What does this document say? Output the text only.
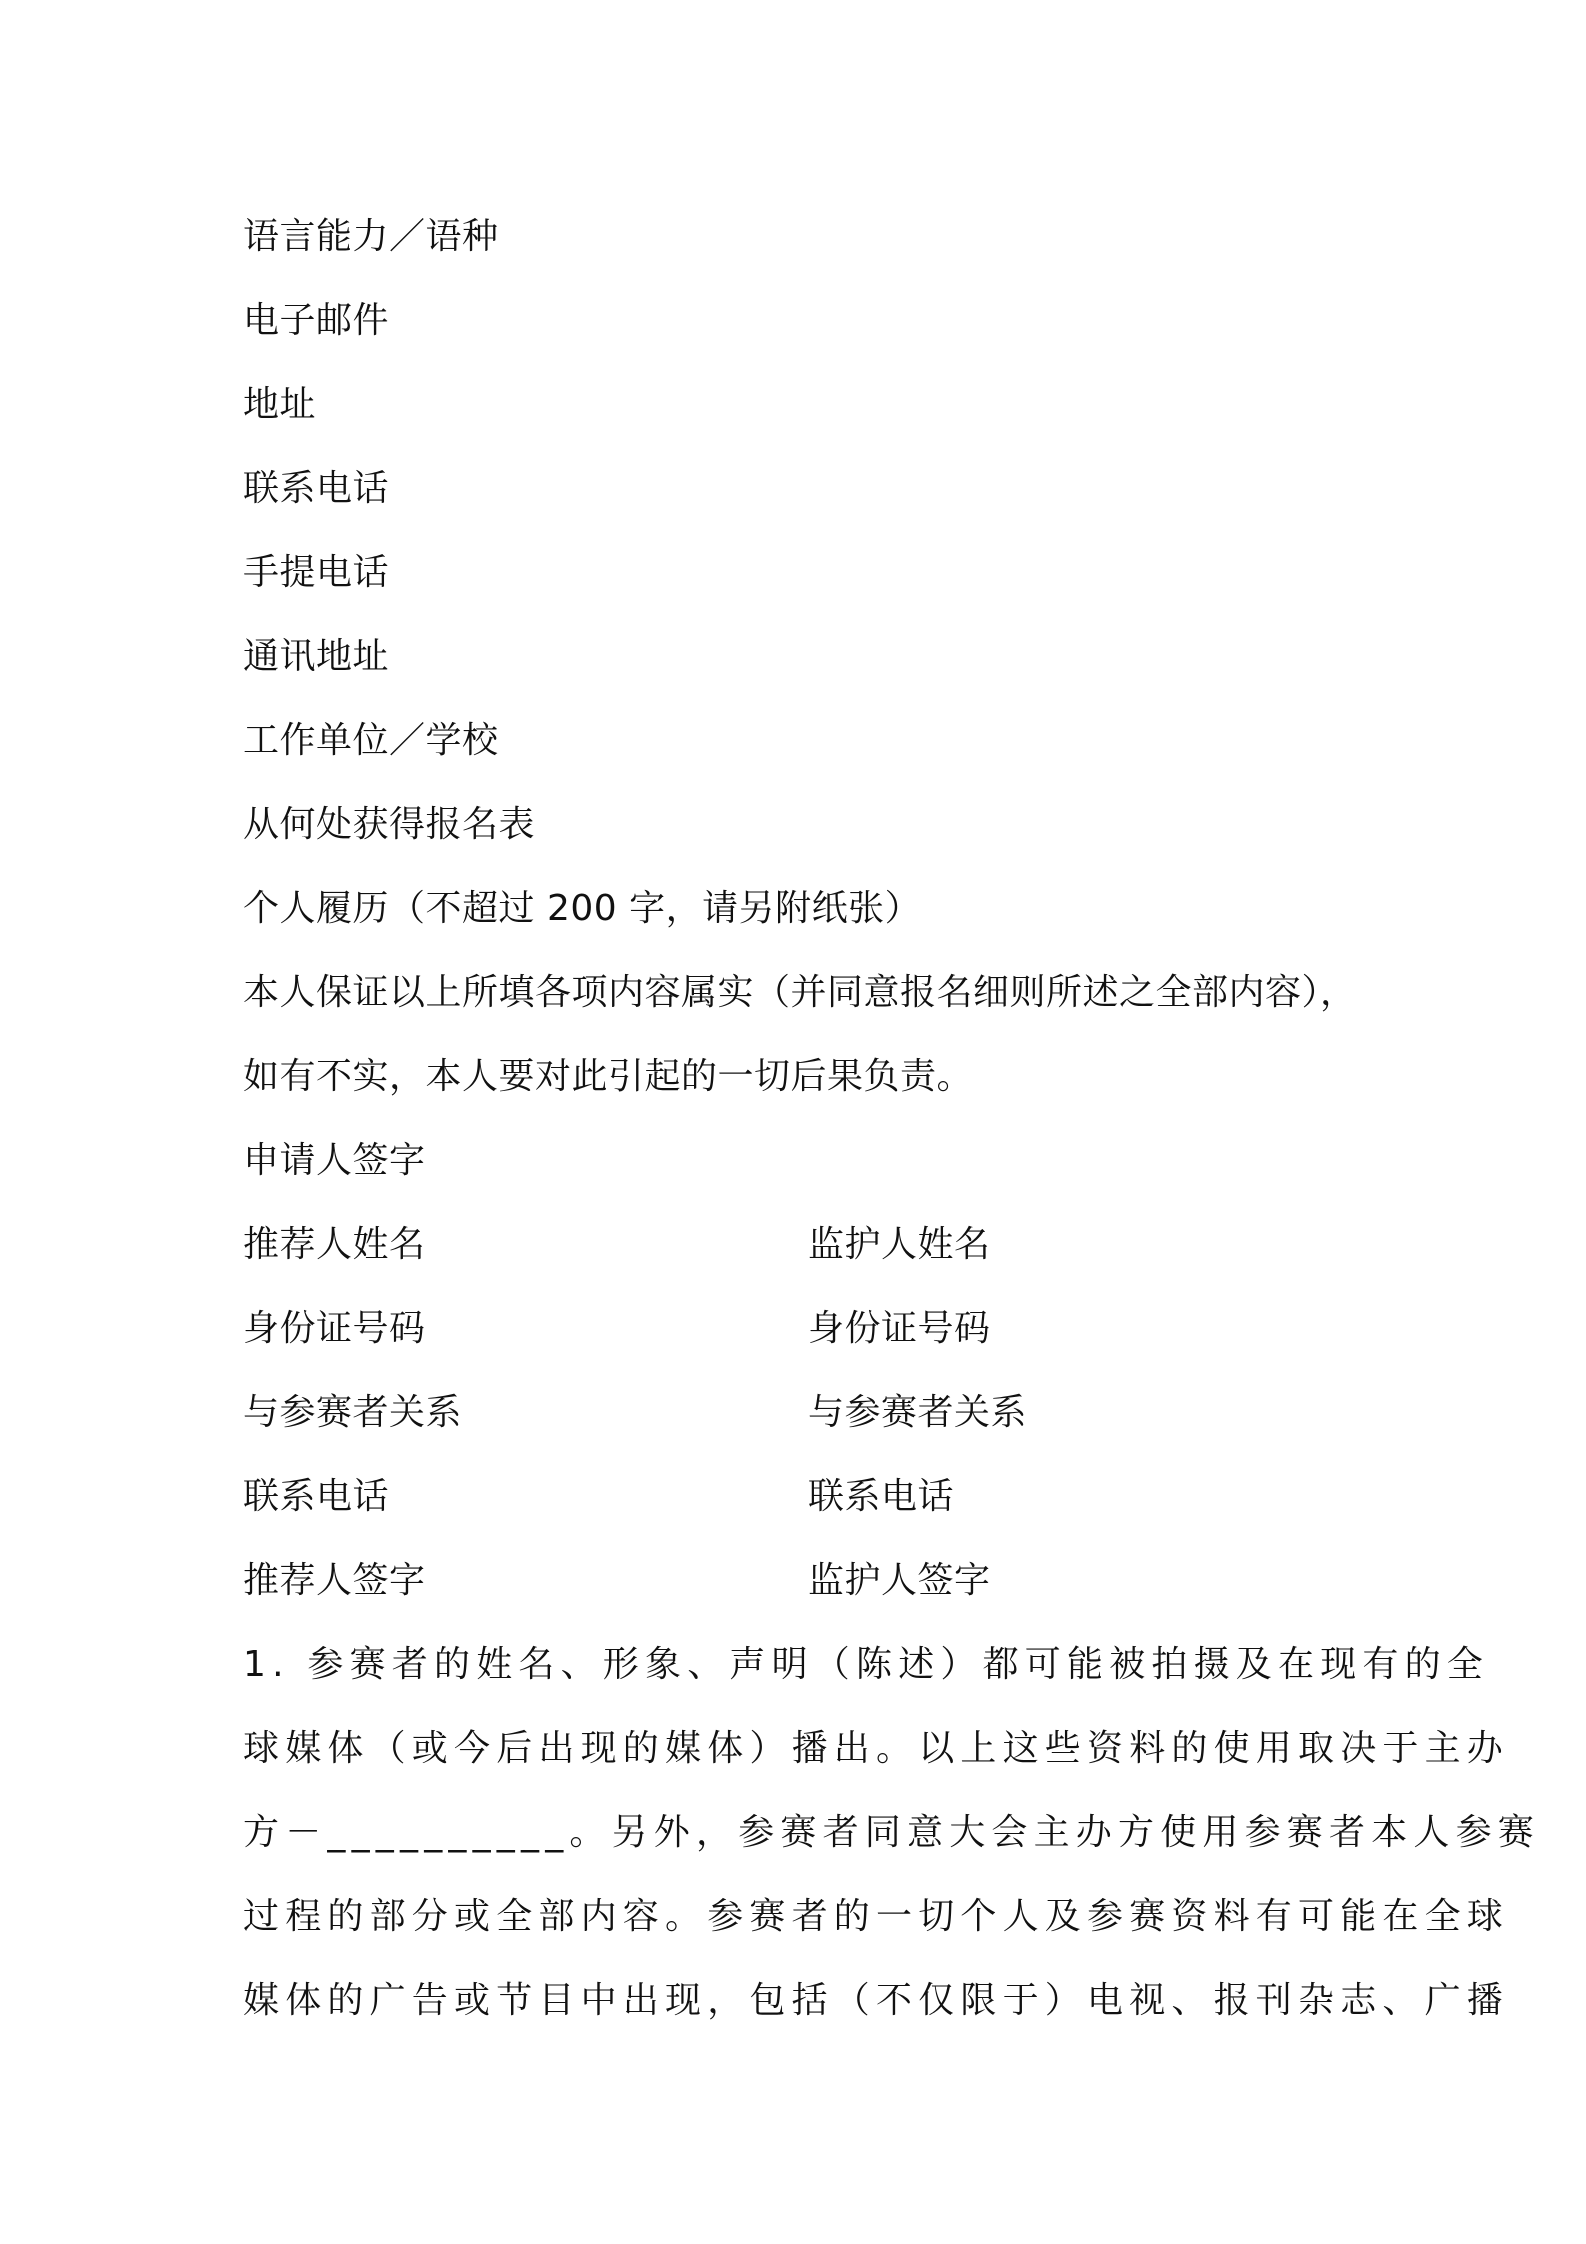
语言能力／语种
电子邮件
地址
联系电话
手提电话
通讯地址
工作单位／学校
从何处获得报名表
个人履历（不超过 200 字，请另附纸张）
本人保证以上所填各项内容属实（并同意报名细则所述之全部内容），
如有不实，本人要对此引起的一切后果负责。
申请人签字
推荐人姓名	监护人姓名
身份证号码	身份证号码
与参赛者关系	与参赛者关系
联系电话	联系电话
推荐人签字	监护人签字
1. 参赛者的姓名、形象、声明（陈述）都可能被拍摄及在现有的全
球媒体（或今后出现的媒体）播出。以上这些资料的使用取决于主办
方－__________。另外，参赛者同意大会主办方使用参赛者本人参赛
过程的部分或全部内容。参赛者的一切个人及参赛资料有可能在全球
媒体的广告或节目中出现，包括（不仅限于）电视、报刊杂志、广播
